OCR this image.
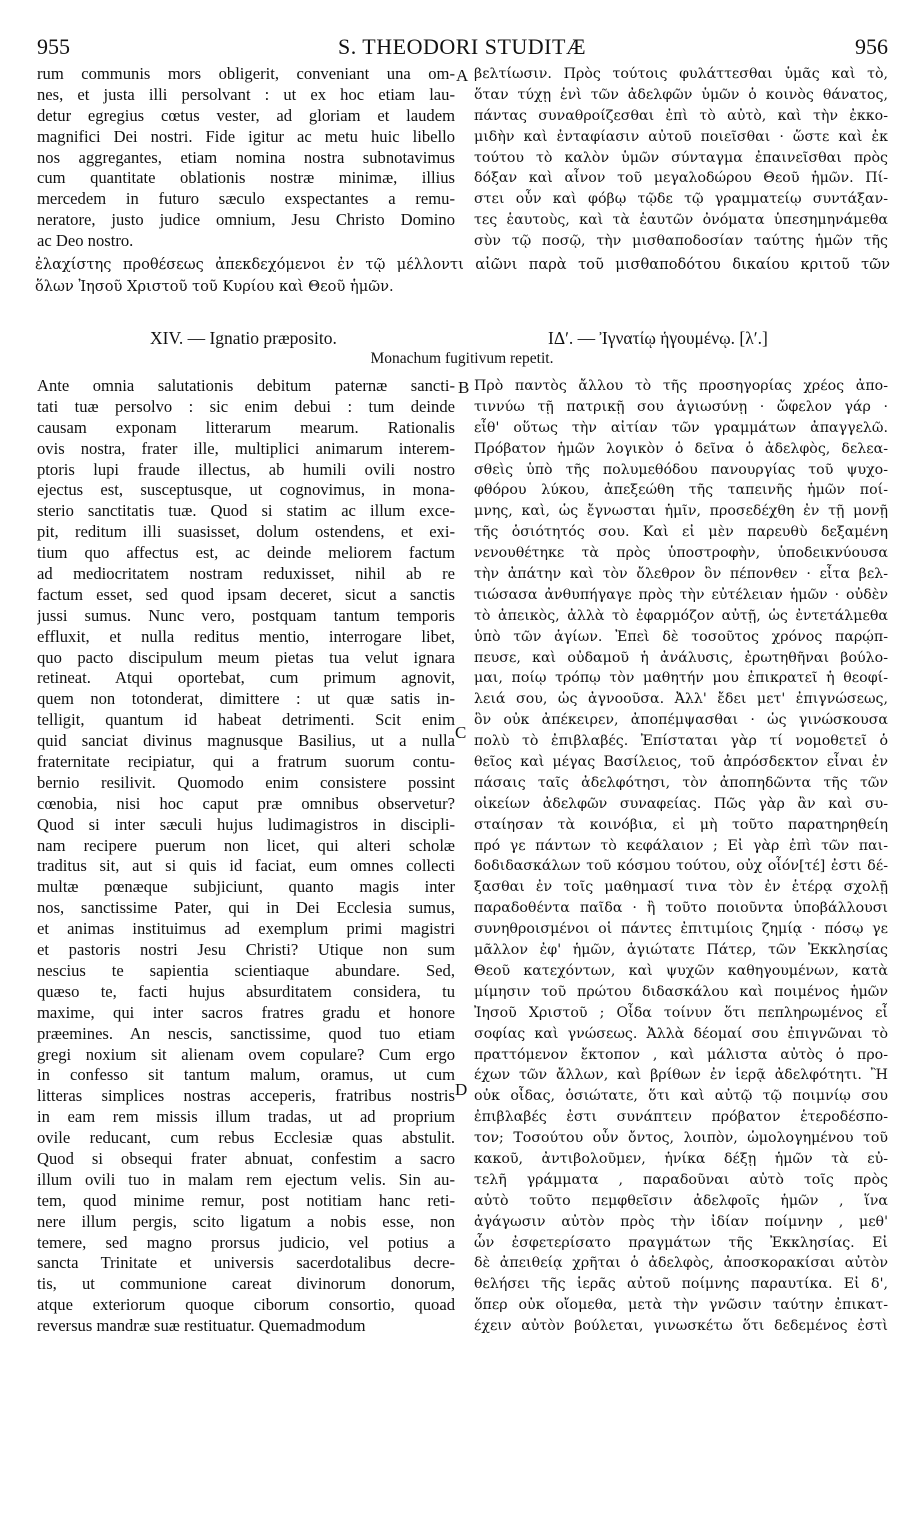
955	S. THEODORI STUDITÆ	956
rum communis mors obligerit, conveniant una om-
nes, et justa illi persolvant : ut ex hoc etiam lau-
detur egregius cœtus vester, ad gloriam et laudem
magnifici Dei nostri. Fide igitur ac metu huic libello
nos aggregantes, etiam nomina nostra subnotavimus
cum quantitate oblationis nostræ minimæ, illius
mercedem in futuro sæculo exspectantes a remu-
neratore, justo judice omnium, Jesu Christo Domino
ac Deo nostro.
βελτίωσιν. Πρὸς τούτοις φυλάττεσθαι ὑμᾶς καὶ τὸ,
ὅταν τύχῃ ἑνὶ τῶν ἀδελφῶν ὑμῶν ὁ κοινὸς θάνατος,
πάντας συναθροίζεσθαι ἐπὶ τὸ αὐτὸ, καὶ τὴν ἐκκο-
μιδὴν καὶ ἐνταφίασιν αὐτοῦ ποιεῖσθαι · ὥστε καὶ ἐκ
τούτου τὸ καλὸν ὑμῶν σύνταγμα ἐπαινεῖσθαι πρὸς
δόξαν καὶ αἶνον τοῦ μεγαλοδώρου Θεοῦ ἡμῶν. Πί-
στει οὖν καὶ φόβῳ τῷδε τῷ γραμματείῳ συντάξαν-
τες ἑαυτοὺς, καὶ τὰ ἑαυτῶν ὀνόματα ὑπεσημηνάμεθα
σὺν τῷ ποσῷ, τὴν μισθαποδοσίαν ταύτης ἡμῶν τῆς
ἐλαχίστης προθέσεως ἀπεκδεχόμενοι ἐν τῷ μέλλοντι αἰῶνι παρὰ τοῦ μισθαποδότου δικαίου κριτοῦ τῶν
ὅλων Ἰησοῦ Χριστοῦ τοῦ Κυρίου καὶ Θεοῦ ἡμῶν.
XIV. — Ignatio præposito.	ΙΔʹ. — Ἰγνατίῳ ἡγουμένῳ. [λʹ.]
Monachum fugitivum repetit.
Ante omnia salutationis debitum paternæ sancti-
tati tuæ persolvo : sic enim debui : tum deinde
causam exponam litterarum mearum. Rationalis
ovis nostra, frater ille, multiplici animarum interem-
ptoris lupi fraude illectus, ab humili ovili nostro
ejectus est, susceptusque, ut cognovimus, in mona-
sterio sanctitatis tuæ. Quod si statim ac illum exce-
pit, reditum illi suasisset, dolum ostendens, et exi-
tium quo affectus est, ac deinde meliorem factum
ad mediocritatem nostram reduxisset, nihil ab re
factum esset, sed quod ipsam deceret, sicut a sanctis
jussi sumus. Nunc vero, postquam tantum temporis
effluxit, et nulla reditus mentio, interrogare libet,
quo pacto discipulum meum pietas tua velut ignara
retineat. Atqui oportebat, cum primum agnovit,
quem non totonderat, dimittere : ut quæ satis in-
telligit, quantum id habeat detrimenti. Scit enim
quid sanciat divinus magnusque Basilius, ut a nulla
fraternitate recipiatur, qui a fratrum suorum contu-
bernio resilivit. Quomodo enim consistere possint
cœnobia, nisi hoc caput præ omnibus observetur?
Quod si inter sæculi hujus ludimagistros in discipli-
nam recipere puerum non licet, qui alteri scholæ
traditus sit, aut si quis id faciat, eum omnes collecti
multæ pœnæque subjiciunt, quanto magis inter
nos, sanctissime Pater, qui in Dei Ecclesia sumus,
et animas instituimus ad exemplum primi magistri
et pastoris nostri Jesu Christi? Utique non sum
nescius te sapientia scientiaque abundare. Sed,
quæso te, facti hujus absurditatem considera, tu
maxime, qui inter sacros fratres gradu et honore
præemines. An nescis, sanctissime, quod tuo etiam
gregi noxium sit alienam ovem copulare? Cum ergo
in confesso sit tantum malum, oramus, ut cum
litteras simplices nostras acceperis, fratribus nostris
in eam rem missis illum tradas, ut ad proprium
ovile reducant, cum rebus Ecclesiæ quas abstulit.
Quod si obsequi frater abnuat, confestim a sacro
illum ovili tuo in malam rem ejectum velis. Sin au-
tem, quod minime remur, post notitiam hanc reti-
nere illum pergis, scito ligatum a nobis esse, non
temere, sed magno prorsus judicio, vel potius a
sancta Trinitate et universis sacerdotalibus decre-
tis, ut communione careat divinorum donorum,
atque exteriorum quoque ciborum consortio, quoad
reversus mandræ suæ restituatur. Quemadmodum
Πρὸ παντὸς ἄλλου τὸ τῆς προσηγορίας χρέος ἀπο-
τιννύω τῇ πατρικῇ σου ἁγιωσύνῃ · ὤφελον γάρ ·
εἶθ' οὕτως τὴν αἰτίαν τῶν γραμμάτων ἀπαγγελῶ.
Πρόβατον ἡμῶν λογικὸν ὁ δεῖνα ὁ ἀδελφὸς, δελεα-
σθεὶς ὑπὸ τῆς πολυμεθόδου πανουργίας τοῦ ψυχο-
φθόρου λύκου, ἀπεξεώθη τῆς ταπεινῆς ἡμῶν ποί-
μνης, καὶ, ὡς ἔγνωσται ἡμῖν, προσεδέχθη ἐν τῇ μονῇ
τῆς ὁσιότητός σου. Καὶ εἰ μὲν παρευθὺ δεξαμένη
νενουθέτηκε τὰ πρὸς ὑποστροφὴν, ὑποδεικνύουσα
τὴν ἀπάτην καὶ τὸν ὄλεθρον ὃν πέπονθεν · εἶτα βελ-
τιώσασα ἀνθυπήγαγε πρὸς τὴν εὐτέλειαν ἡμῶν · οὐδὲν
τὸ ἀπεικὸς, ἀλλὰ τὸ ἐφαρμόζον αὐτῇ, ὡς ἐντετάλμεθα
ὑπὸ τῶν ἁγίων. Ἐπεὶ δὲ τοσοῦτος χρόνος παρῴπ-
πευσε, καὶ οὐδαμοῦ ἡ ἀνάλυσις, ἐρωτηθῆναι βούλο-
μαι, ποίῳ τρόπῳ τὸν μαθητήν μου ἐπικρατεῖ ἡ θεοφί-
λειά σου, ὡς ἀγνοοῦσα. Ἀλλ' ἔδει μετ' ἐπιγνώσεως,
ὃν οὐκ ἀπέκειρεν, ἀποπέμψασθαι · ὡς γινώσκουσα
πολὺ τὸ ἐπιβλαβές. Ἐπίσταται γὰρ τί νομοθετεῖ ὁ
θεῖος καὶ μέγας Βασίλειος, τοῦ ἀπρόσδεκτον εἶναι ἐν
πάσαις ταῖς ἀδελφότησι, τὸν ἀποπηδῶντα τῆς τῶν
οἰκείων ἀδελφῶν συναφείας. Πῶς γὰρ ἂν καὶ συ-
σταίησαν τὰ κοινόβια, εἰ μὴ τοῦτο παρατηρηθείη
πρό γε πάντων τὸ κεφάλαιον ; Εἰ γὰρ ἐπὶ τῶν παι-
δοδιδασκάλων τοῦ κόσμου τούτου, οὐχ οἷόν[τέ] ἐστι δέ-
ξασθαι ἐν τοῖς μαθημασί τινα τὸν ἐν ἑτέρᾳ σχολῇ
παραδοθέντα παῖδα · ἢ τοῦτο ποιοῦντα ὑποβάλλουσι
συνηθροισμένοι οἱ πάντες ἐπιτιμίοις ζημίᾳ · πόσῳ γε
μᾶλλον ἐφ' ἡμῶν, ἁγιώτατε Πάτερ, τῶν Ἐκκλησίας
Θεοῦ κατεχόντων, καὶ ψυχῶν καθηγουμένων, κατὰ
μίμησιν τοῦ πρώτου διδασκάλου καὶ ποιμένος ἡμῶν
Ἰησοῦ Χριστοῦ ; Οἶδα τοίνυν ὅτι πεπληρωμένος εἶ
σοφίας καὶ γνώσεως. Ἀλλὰ δέομαί σου ἐπιγνῶναι τὸ
πραττόμενον ἔκτοπον , καὶ μάλιστα αὐτὸς ὁ προ-
έχων τῶν ἄλλων, καὶ βρίθων ἐν ἱερᾷ ἀδελφότητι. Ἢ
οὐκ οἶδας, ὁσιώτατε, ὅτι καὶ αὐτῷ τῷ ποιμνίῳ σου
ἐπιβλαβές ἐστι συνάπτειν πρόβατον ἑτεροδέσπο-
τον; Τοσούτου οὖν ὄντος, λοιπὸν, ὡμολογημένου τοῦ
κακοῦ, ἀντιβολοῦμεν, ἡνίκα δέξῃ ἡμῶν τὰ εὐ-
τελῆ γράμματα , παραδοῦναι αὐτὸ τοῖς πρὸς
αὐτὸ τοῦτο πεμφθεῖσιν ἀδελφοῖς ἡμῶν , ἵνα
ἀγάγωσιν αὐτὸν πρὸς τὴν ἰδίαν ποίμνην , μεθ'
ὧν ἐσφετερίσατο πραγμάτων τῆς Ἐκκλησίας. Εἰ
δὲ ἀπειθείᾳ χρῆται ὁ ἀδελφὸς, ἀποσκορακίσαι αὐτὸν
θελήσει τῆς ἱερᾶς αὐτοῦ ποίμνης παραυτίκα. Εἰ δ',
ὅπερ οὐκ οἴομεθα, μετὰ τὴν γνῶσιν ταύτην ἐπικατ-
έχειν αὐτὸν βούλεται, γινωσκέτω ὅτι δεδεμένος ἐστὶ
A
B
C
D
